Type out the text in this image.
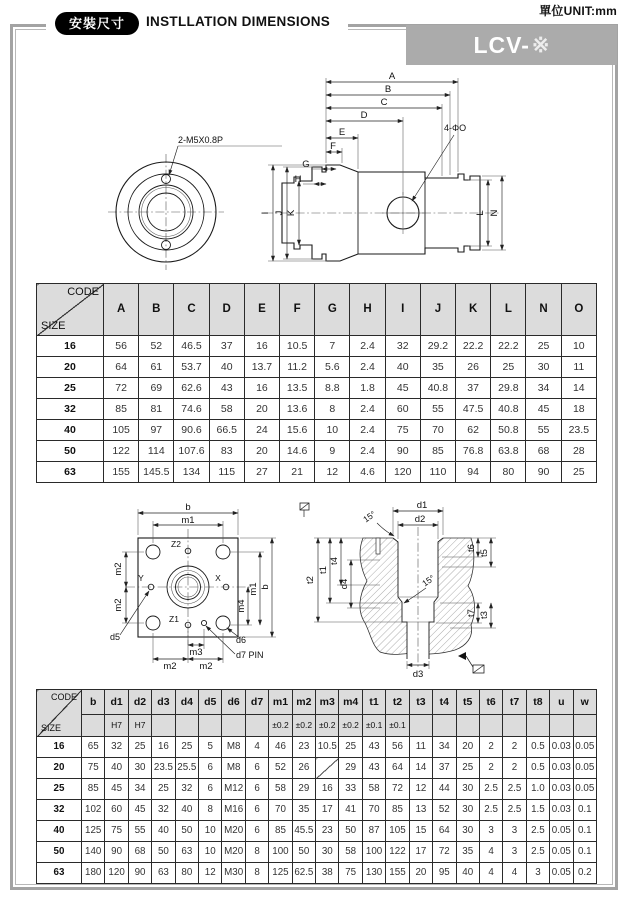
單位UNIT:mm
安裝尺寸	INSTLLATION DIMENSIONS
LCV- ※
2-M5X0.8P
A
B
C
D
E
F
G
H
I J K	L N
4-ΦO
CODE
SIZE	A	B	C	D	E	F	G	H	I	J	K	L	N	O
16	56	52	46.5	37	16	10.5	7	2.4	32	29.2	22.2	22.2	25	10
20	64	61	53.7	40	13.7	11.2	5.6	2.4	40	35	26	25	30	11
25	72	69	62.6	43	16	13.5	8.8	1.8	45	40.8	37	29.8	34	14
32	85	81	74.6	58	20	13.6	8	2.4	60	55	47.5	40.8	45	18
40	105	97	90.6	66.5	24	15.6	10	2.4	75	70	62	50.8	55	23.5
50	122	114	107.6	83	20	14.6	9	2.4	90	85	76.8	63.8	68	28
63	155	145.5	134	115	27	21	12	4.6	120	110	94	80	90	25
Z2
Y	X
Z1
b
m1
m2
m2	m4
m1 b
m3
m2 m2
d5	d6
d7 PIN
d1
d2
15°
15°
t2
t1
t4
d4
t6
t5
t7 t3
d3
CODE
SIZE	b	d1	d2	d3	d4	d5	d6	d7	m1	m2	m3	m4	t1	t2	t3	t4	t5	t6	t7	t8	u	w
		H7	H7						±0.2	±0.2	±0.2	±0.2	±0.1	±0.1								
16	65	32	25	16	25	5	M8	4	46	23	10.5	25	43	56	11	34	20	2	2	0.5	0.03	0.05
20	75	40	30	23.5	25.5	6	M8	6	52	26		29	43	64	14	37	25	2	2	0.5	0.03	0.05
25	85	45	34	25	32	6	M12	6	58	29	16	33	58	72	12	44	30	2.5	2.5	1.0	0.03	0.05
32	102	60	45	32	40	8	M16	6	70	35	17	41	70	85	13	52	30	2.5	2.5	1.5	0.03	0.1
40	125	75	55	40	50	10	M20	6	85	45.5	23	50	87	105	15	64	30	3	3	2.5	0.05	0.1
50	140	90	68	50	63	10	M20	8	100	50	30	58	100	122	17	72	35	4	3	2.5	0.05	0.1
63	180	120	90	63	80	12	M30	8	125	62.5	38	75	130	155	20	95	40	4	4	3	0.05	0.2
